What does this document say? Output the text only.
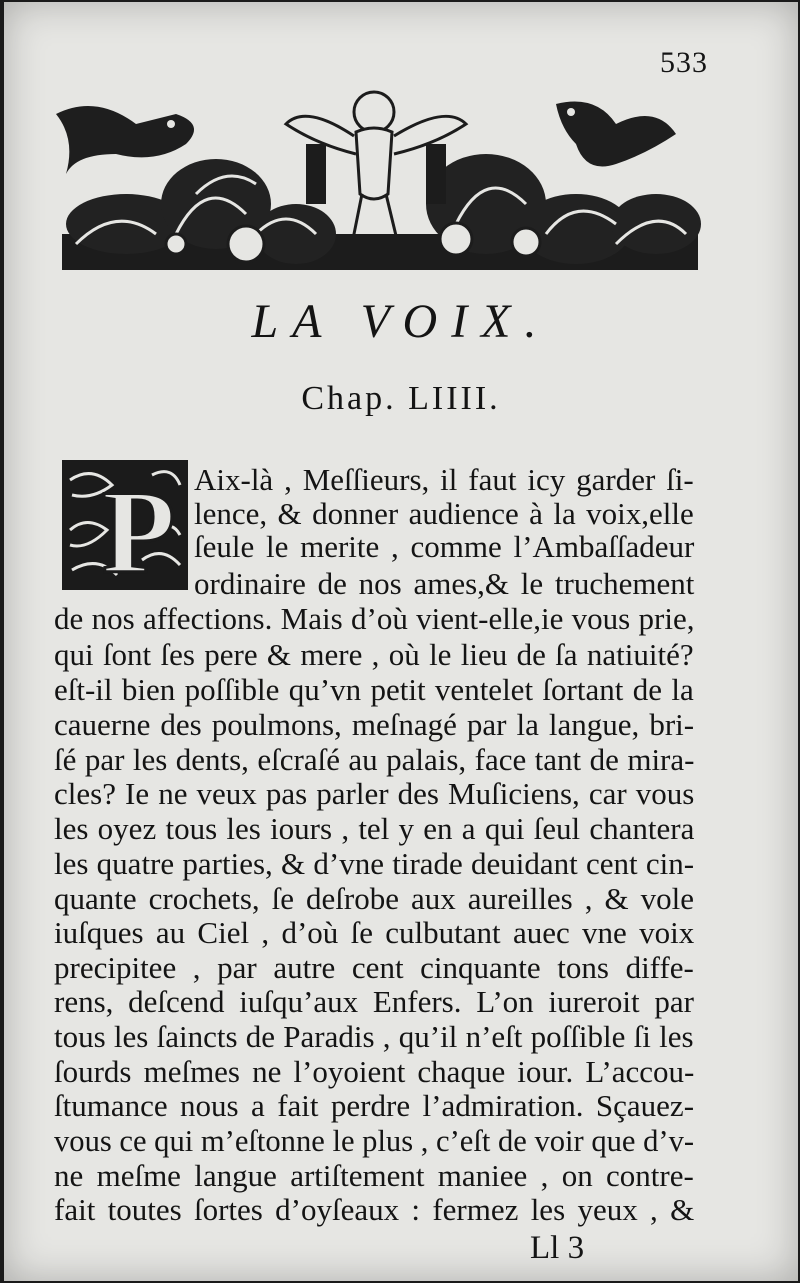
533
LA VOIX.
Chap. LIIII.
P Aix-là , Meſſieurs, il faut icy garder ſi-
lence, & donner audience à la voix,elle
ſeule le merite , comme l’Ambaſſadeur
ordinaire de nos ames,& le truchement
de nos affections. Mais d’où vient-elle,ie vous prie,
qui ſont ſes pere & mere , où le lieu de ſa natiuité?
eſt-il bien poſſible qu’vn petit ventelet ſortant de la
cauerne des poulmons, meſnagé par la langue, bri-
ſé par les dents, eſcraſé au palais, face tant de mira-
cles? Ie ne veux pas parler des Muſiciens, car vous
les oyez tous les iours , tel y en a qui ſeul chantera
les quatre parties, & d’vne tirade deuidant cent cin-
quante crochets, ſe deſrobe aux aureilles , & vole
iuſques au Ciel , d’où ſe culbutant auec vne voix
precipitee , par autre cent cinquante tons diffe-
rens, deſcend iuſqu’aux Enfers. L’on iureroit par
tous les ſaincts de Paradis , qu’il n’eſt poſſible ſi les
ſourds meſmes ne l’oyoient chaque iour. L’accou-
ſtumance nous a fait perdre l’admiration. Sçauez-
vous ce qui m’eſtonne le plus , c’eſt de voir que d’v-
ne meſme langue artiſtement maniee , on contre-
fait toutes ſortes d’oyſeaux : fermez les yeux , &
Ll 3
